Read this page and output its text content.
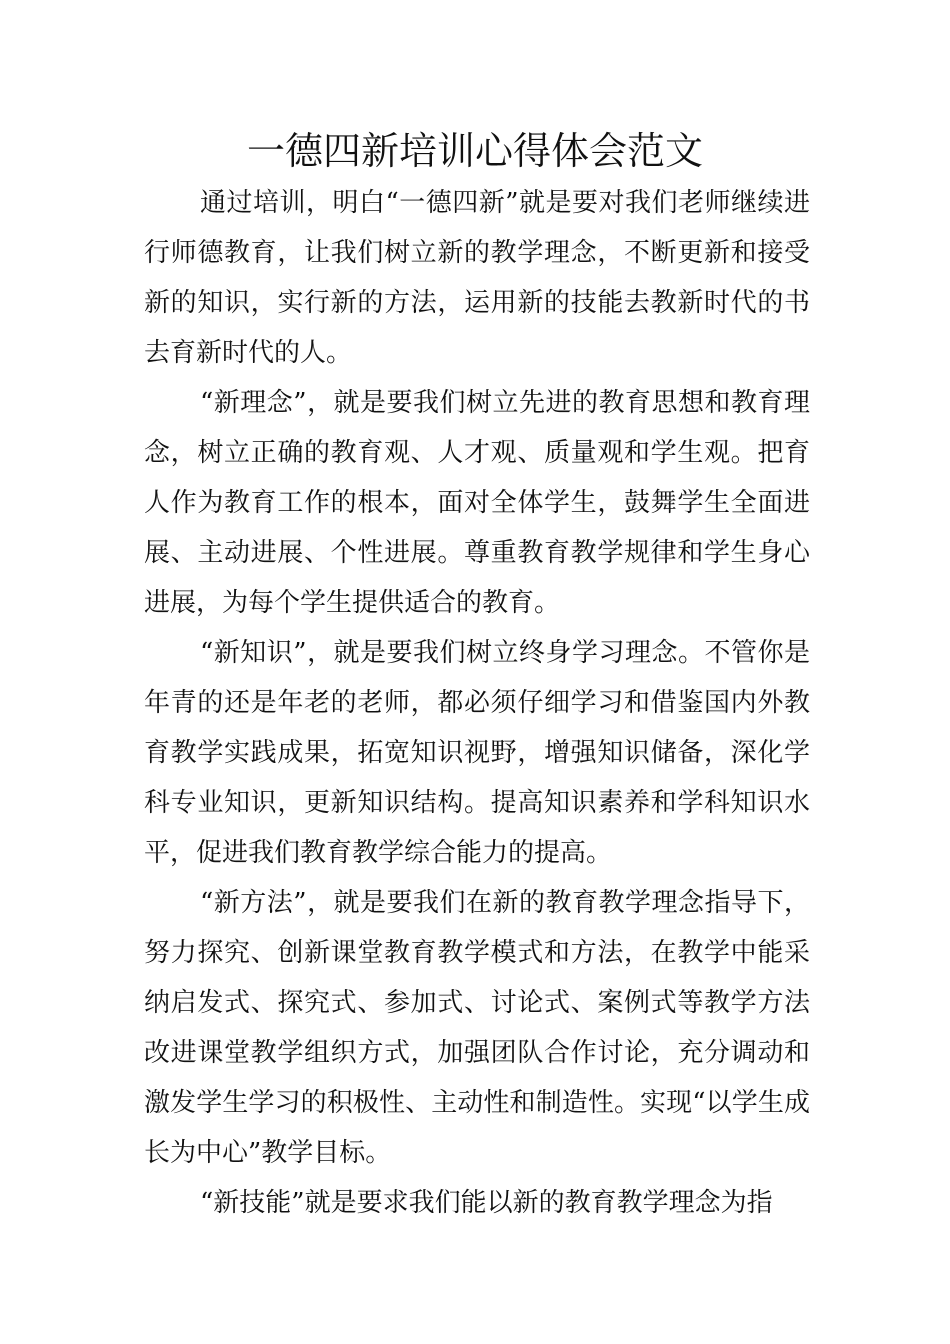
一德四新培训心得体会范文

通过培训，明白“一德四新”就是要对我们老师继续进行师德教育，让我们树立新的教学理念，不断更新和接受新的知识，实行新的方法，运用新的技能去教新时代的书去育新时代的人。

“新理念”，就是要我们树立先进的教育思想和教育理念，树立正确的教育观、人才观、质量观和学生观。把育人作为教育工作的根本，面对全体学生，鼓舞学生全面进展、主动进展、个性进展。尊重教育教学规律和学生身心进展，为每个学生提供适合的教育。

“新知识”，就是要我们树立终身学习理念。不管你是年青的还是年老的老师，都必须仔细学习和借鉴国内外教育教学实践成果，拓宽知识视野，增强知识储备，深化学科专业知识，更新知识结构。提高知识素养和学科知识水平，促进我们教育教学综合能力的提高。

“新方法”，就是要我们在新的教育教学理念指导下，努力探究、创新课堂教育教学模式和方法，在教学中能采纳启发式、探究式、参加式、讨论式、案例式等教学方法改进课堂教学组织方式，加强团队合作讨论，充分调动和激发学生学习的积极性、主动性和制造性。实现“以学生成长为中心”教学目标。

“新技能”就是要求我们能以新的教育教学理念为指
